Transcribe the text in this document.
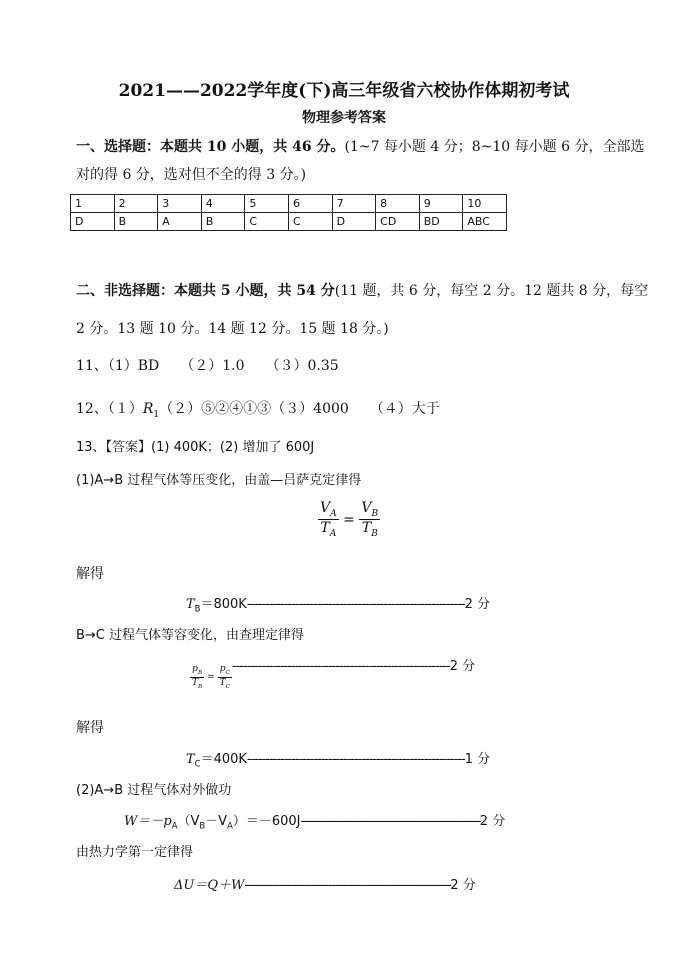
2021——2022学年度(下)高三年级省六校协作体期初考试
物理参考答案
一、选择题：本题共 10 小题，共 46 分。(1~7 每小题 4 分；8~10 每小题 6 分，全部选
对的得 6 分，选对但不全的得 3 分。)
1	2	3	4	5	6	7	8	9	10
D	B	A	B	C	C	D	CD	BD	ABC
二、非选择题：本题共 5 小题，共 54 分(11 题，共 6 分，每空 2 分。12 题共 8 分，每空
2 分。13 题 10 分。14 题 12 分。15 题 18 分。)
11、（1）BD　　（２）1.0　　（３）0.35
12、$(1)R_1(2)⑤②④①③(3)4000$　　（４）大于
13、【答案】(1) 400K；(2) 增加了 600J
(1)A→B 过程气体等压变化，由盖—吕萨克定律得
$\frac{V_A}{T_A} = \frac{V_B}{T_B}$
解得
$T_B=800K-----------------------------------------------------------2$ 分
B→C 过程气体等容变化，由查理定律得
$\frac{p_B}{T_B} = \frac{p_C}{T_C} -----------------------------------------------------------2$ 分
解得
$T_C=400K-----------------------------------------------------------1$ 分
(2)A→B 过程气体对外做功
$W=-p_A(V_B-V_A)=-600J----------------------------------------------------------2$ 分
由热力学第一定律得
ΔU＝Q＋W-----------------------------------------------------------2 分
